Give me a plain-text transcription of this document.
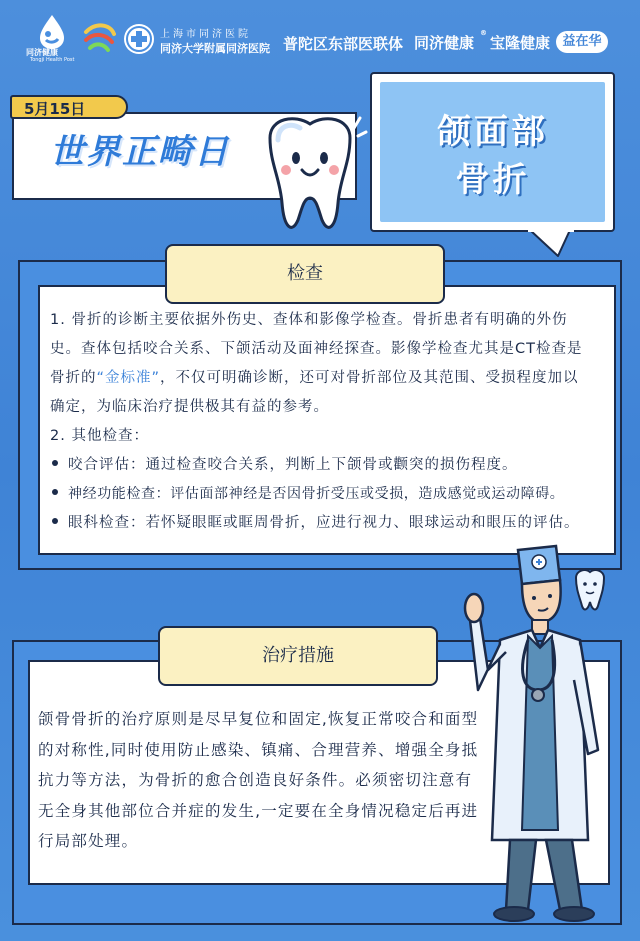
同济健康
Tongji Health Post
上海市同济医院
同济大学附属同济医院 普陀区东部医联体 同济健康
®
宝隆健康 益在华
5月15日
世界正畸日	颌面部
骨折
检查
1. 骨折的诊断主要依据外伤史、查体和影像学检查。骨折患者有明确的外伤史。查体包括咬合关系、下颌活动及面神经探查。影像学检查尤其是CT检查是骨折的“金标准”，不仅可明确诊断，还可对骨折部位及其范围、受损程度加以确定，为临床治疗提供极其有益的参考。
2. 其他检查：
咬合评估：通过检查咬合关系，判断上下颌骨或颧突的损伤程度。
神经功能检查：评估面部神经是否因骨折受压或受损，造成感觉或运动障碍。
眼科检查：若怀疑眼眶或眶周骨折，应进行视力、眼球运动和眼压的评估。
治疗措施
颌骨骨折的治疗原则是尽早复位和固定,恢复正常咬合和面型的对称性,同时使用防止感染、镇痛、合理营养、增强全身抵抗力等方法，为骨折的愈合创造良好条件。必须密切注意有无全身其他部位合并症的发生,一定要在全身情况稳定后再进行局部处理。
